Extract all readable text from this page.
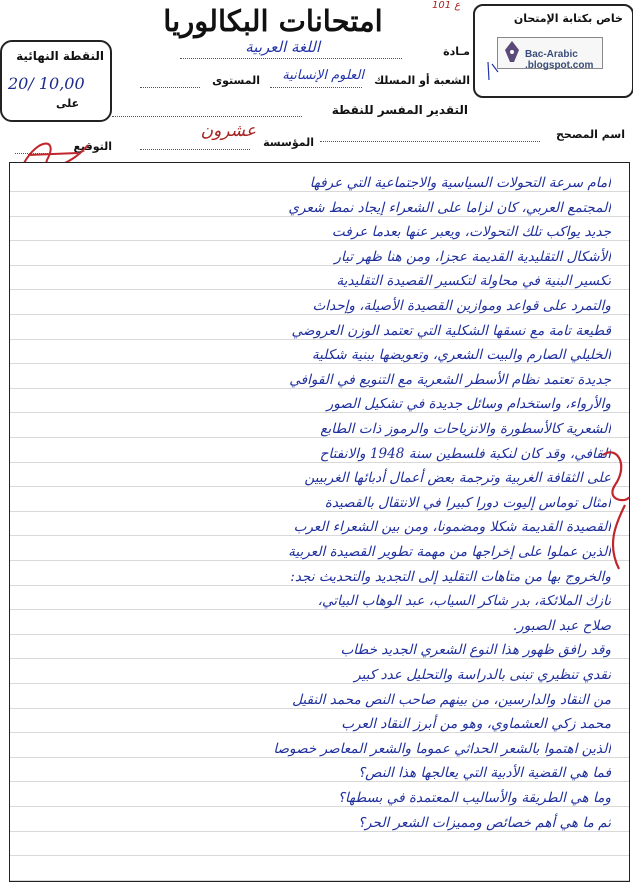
ع 101
امتحانات البكالوريا	خاص بكتابة الإمتحان
Bac-Arabic .blogspot.com
النقطة النهائية
20/ 10,00
على
مـادة
اللغة العربية
الشعبة أو المسلك
العلوم الإنسانية
المستوى
التقدير المفسر للنقطة
اسم المصحح
المؤسسة
عشرون
التوقيع
أمام سرعة التحولات السياسية والاجتماعية التي عرفها
المجتمع العربي، كان لزاما على الشعراء إيجاد نمط شعري
جديد يواكب تلك التحولات، ويعبر عنها بعدما عرفت
الأشكال التقليدية القديمة عجزا، ومن هنا ظهر تيار
تكسير البنية في محاولة لتكسير القصيدة التقليدية
والتمرد على قواعد وموازين القصيدة الأصيلة، وإحداث
قطيعة تامة مع نسقها الشكلية التي تعتمد الوزن العروضي
الخليلي الصارم والبيت الشعري، وتعويضها ببنية شكلية
جديدة تعتمد نظام الأسطر الشعرية مع التنويع في القوافي
والأرواء، واستخدام وسائل جديدة في تشكيل الصور
الشعرية كالأسطورة والانزياحات والرموز ذات الطابع
القافي، وقد كان لنكبة فلسطين سنة 1948 والانفتاح
على الثقافة الغربية وترجمة بعض أعمال أدبائها الغربيين
أمثال توماس إليوت دورا كبيرا في الانتقال بالقصيدة
القصيدة القديمة شكلا ومضمونا، ومن بين الشعراء العرب
الذين عملوا على إخراجها من مهمة تطوير القصيدة العربية
والخروج بها من متاهات التقليد إلى التجديد والتحديث نجد:
نازك الملائكة، بدر شاكر السياب، عبد الوهاب البياتي،
صلاح عبد الصبور.
وقد رافق ظهور هذا النوع الشعري الجديد خطاب
نقدي تنظيري تبنى بالدراسة والتحليل عدد كبير
من النقاد والدارسين، من بينهم صاحب النص محمد النقيل
محمد زكي العشماوي، وهو من أبرز النقاد العرب
الذين اهتموا بالشعر الحداثي عموما والشعر المعاصر خصوصا
فما هي القضية الأدبية التي يعالجها هذا النص؟
وما هي الطريقة والأساليب المعتمدة في بسطها؟
ثم ما هي أهم خصائص ومميزات الشعر الحر؟
